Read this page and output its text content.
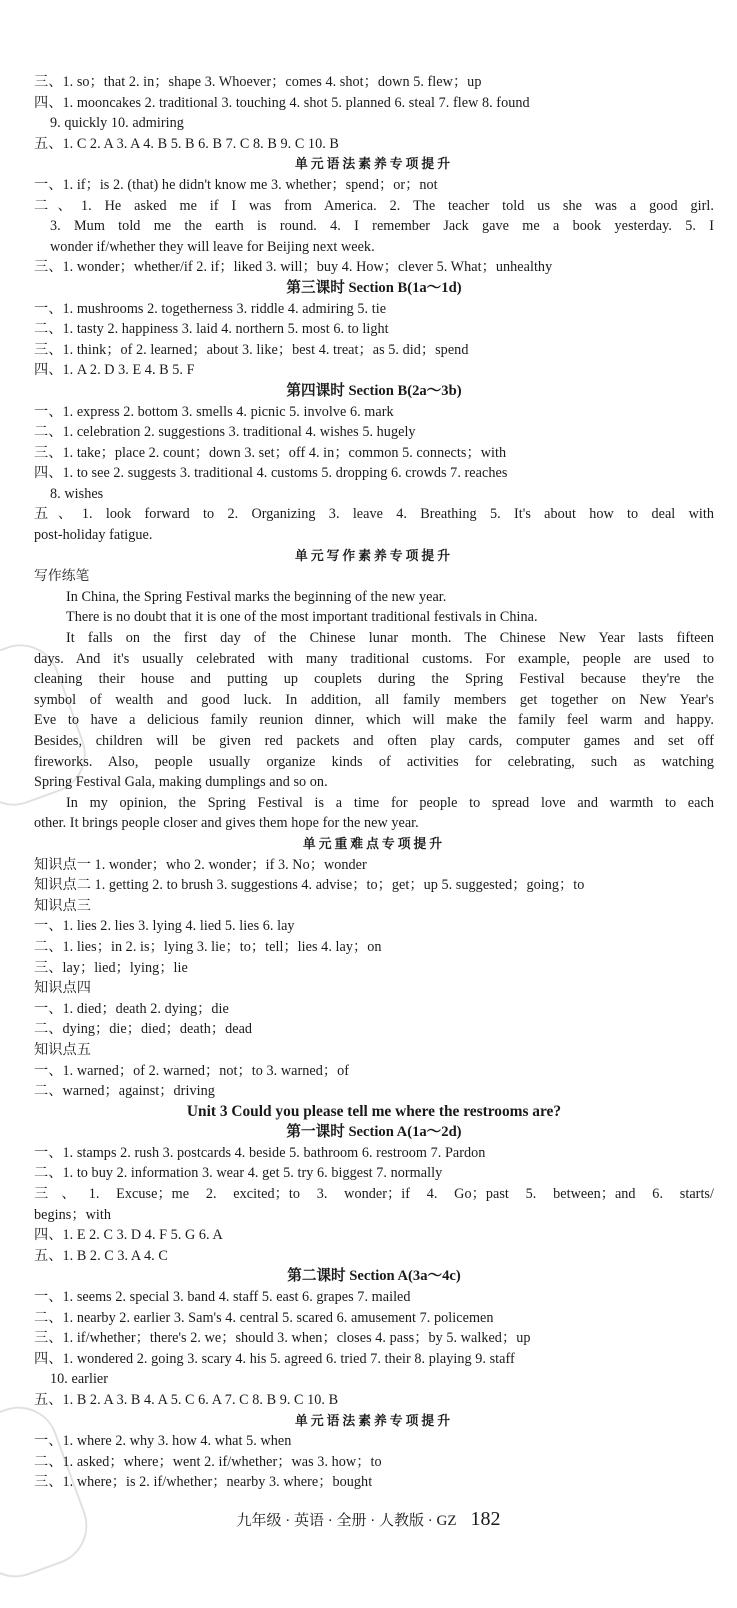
三、1. so；that 2. in；shape 3. Whoever；comes 4. shot；down 5. flew；up
四、1. mooncakes 2. traditional 3. touching 4. shot 5. planned 6. steal 7. flew 8. found
9. quickly 10. admiring
五、1. C 2. A 3. A 4. B 5. B 6. B 7. C 8. B 9. C 10. B
单元语法素养专项提升
一、1. if；is 2. (that) he didn't know me 3. whether；spend；or；not
二、1. He asked me if I was from America. 2. The teacher told us she was a good girl.
3. Mum told me the earth is round. 4. I remember Jack gave me a book yesterday. 5. I
wonder if/whether they will leave for Beijing next week.
三、1. wonder；whether/if 2. if；liked 3. will；buy 4. How；clever 5. What；unhealthy
第三课时 Section B(1a～1d)
一、1. mushrooms 2. togetherness 3. riddle 4. admiring 5. tie
二、1. tasty 2. happiness 3. laid 4. northern 5. most 6. to light
三、1. think；of 2. learned；about 3. like；best 4. treat；as 5. did；spend
四、1. A 2. D 3. E 4. B 5. F
第四课时 Section B(2a～3b)
一、1. express 2. bottom 3. smells 4. picnic 5. involve 6. mark
二、1. celebration 2. suggestions 3. traditional 4. wishes 5. hugely
三、1. take；place 2. count；down 3. set；off 4. in；common 5. connects；with
四、1. to see 2. suggests 3. traditional 4. customs 5. dropping 6. crowds 7. reaches
8. wishes
五、1. look forward to 2. Organizing 3. leave 4. Breathing 5. It's about how to deal with
post-holiday fatigue.
单元写作素养专项提升
写作练笔
In China, the Spring Festival marks the beginning of the new year.
There is no doubt that it is one of the most important traditional festivals in China.
It falls on the first day of the Chinese lunar month. The Chinese New Year lasts fifteen
days. And it's usually celebrated with many traditional customs. For example, people are used to
cleaning their house and putting up couplets during the Spring Festival because they're the
symbol of wealth and good luck. In addition, all family members get together on New Year's
Eve to have a delicious family reunion dinner, which will make the family feel warm and happy.
Besides, children will be given red packets and often play cards, computer games and set off
fireworks. Also, people usually organize kinds of activities for celebrating, such as watching
Spring Festival Gala, making dumplings and so on.
In my opinion, the Spring Festival is a time for people to spread love and warmth to each
other. It brings people closer and gives them hope for the new year.
单元重难点专项提升
知识点一 1. wonder；who 2. wonder；if 3. No；wonder
知识点二 1. getting 2. to brush 3. suggestions 4. advise；to；get；up 5. suggested；going；to
知识点三
一、1. lies 2. lies 3. lying 4. lied 5. lies 6. lay
二、1. lies；in 2. is；lying 3. lie；to；tell；lies 4. lay；on
三、lay；lied；lying；lie
知识点四
一、1. died；death 2. dying；die
二、dying；die；died；death；dead
知识点五
一、1. warned；of 2. warned；not；to 3. warned；of
二、warned；against；driving
Unit 3 Could you please tell me where the restrooms are?
第一课时 Section A(1a～2d)
一、1. stamps 2. rush 3. postcards 4. beside 5. bathroom 6. restroom 7. Pardon
二、1. to buy 2. information 3. wear 4. get 5. try 6. biggest 7. normally
三、1. Excuse；me 2. excited；to 3. wonder；if 4. Go；past 5. between；and 6. starts/
begins；with
四、1. E 2. C 3. D 4. F 5. G 6. A
五、1. B 2. C 3. A 4. C
第二课时 Section A(3a～4c)
一、1. seems 2. special 3. band 4. staff 5. east 6. grapes 7. mailed
二、1. nearby 2. earlier 3. Sam's 4. central 5. scared 6. amusement 7. policemen
三、1. if/whether；there's 2. we；should 3. when；closes 4. pass；by 5. walked；up
四、1. wondered 2. going 3. scary 4. his 5. agreed 6. tried 7. their 8. playing 9. staff
10. earlier
五、1. B 2. A 3. B 4. A 5. C 6. A 7. C 8. B 9. C 10. B
单元语法素养专项提升
一、1. where 2. why 3. how 4. what 5. when
二、1. asked；where；went 2. if/whether；was 3. how；to
三、1. where；is 2. if/whether；nearby 3. where；bought
九年级 · 英语 · 全册 · 人教版 · GZ 182
